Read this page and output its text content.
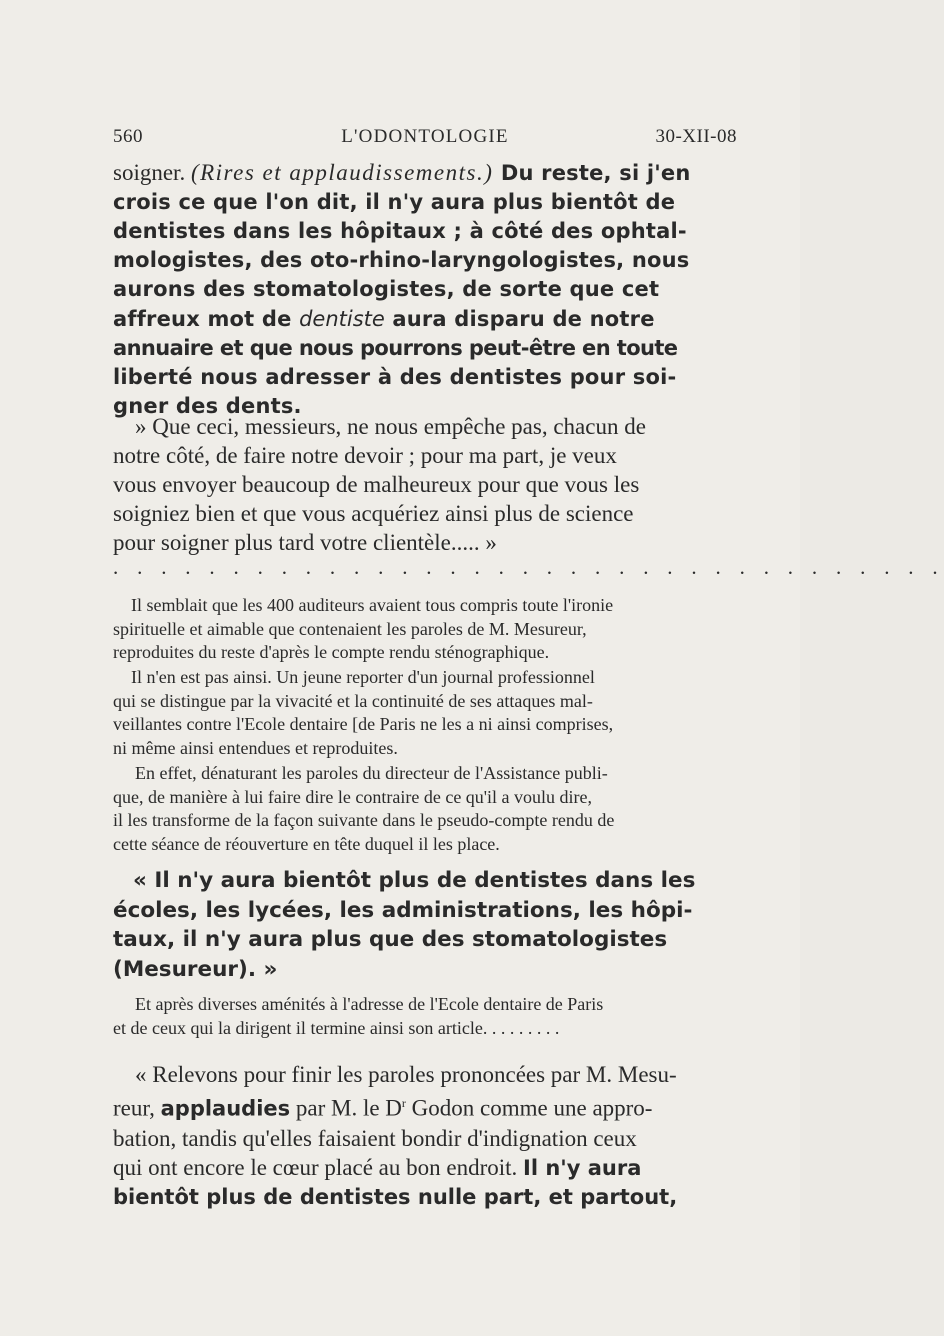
560	L'ODONTOLOGIE	30-XII-08
soigner. (Rires et applaudissements.) Du reste, si j'en
crois ce que l'on dit, il n'y aura plus bientôt de
dentistes dans les hôpitaux ; à côté des ophtal-
mologistes, des oto-rhino-laryngologistes, nous
aurons des stomatologistes, de sorte que cet
affreux mot de dentiste aura disparu de notre
annuaire et que nous pourrons peut-être en toute
liberté nous adresser à des dentistes pour soi-
gner des dents.
» Que ceci, messieurs, ne nous empêche pas, chacun de
notre côté, de faire notre devoir ; pour ma part, je veux
vous envoyer beaucoup de malheureux pour que vous les
soigniez bien et que vous acquériez ainsi plus de science
pour soigner plus tard votre clientèle..... »
. . . . . . . . . . . . . . . . . . . . . . . . . . . . . . . . . . .
Il semblait que les 400 auditeurs avaient tous compris toute l'ironie
spirituelle et aimable que contenaient les paroles de M. Mesureur,
reproduites du reste d'après le compte rendu sténographique.
Il n'en est pas ainsi. Un jeune reporter d'un journal professionnel
qui se distingue par la vivacité et la continuité de ses attaques mal-
veillantes contre l'Ecole dentaire [de Paris ne les a ni ainsi comprises,
ni même ainsi entendues et reproduites.
En effet, dénaturant les paroles du directeur de l'Assistance publi-
que, de manière à lui faire dire le contraire de ce qu'il a voulu dire,
il les transforme de la façon suivante dans le pseudo-compte rendu de
cette séance de réouverture en tête duquel il les place.
« Il n'y aura bientôt plus de dentistes dans les
écoles, les lycées, les administrations, les hôpi-
taux, il n'y aura plus que des stomatologistes
(Mesureur). »
Et après diverses aménités à l'adresse de l'Ecole dentaire de Paris
et de ceux qui la dirigent il termine ainsi son article. . . . . . . . .
« Relevons pour finir les paroles prononcées par M. Mesu-
reur, applaudies par M. le $D^r$ Godon comme une appro-
bation, tandis qu'elles faisaient bondir d'indignation ceux
qui ont encore le cœur placé au bon endroit. Il n'y aura
bientôt plus de dentistes nulle part, et partout,
